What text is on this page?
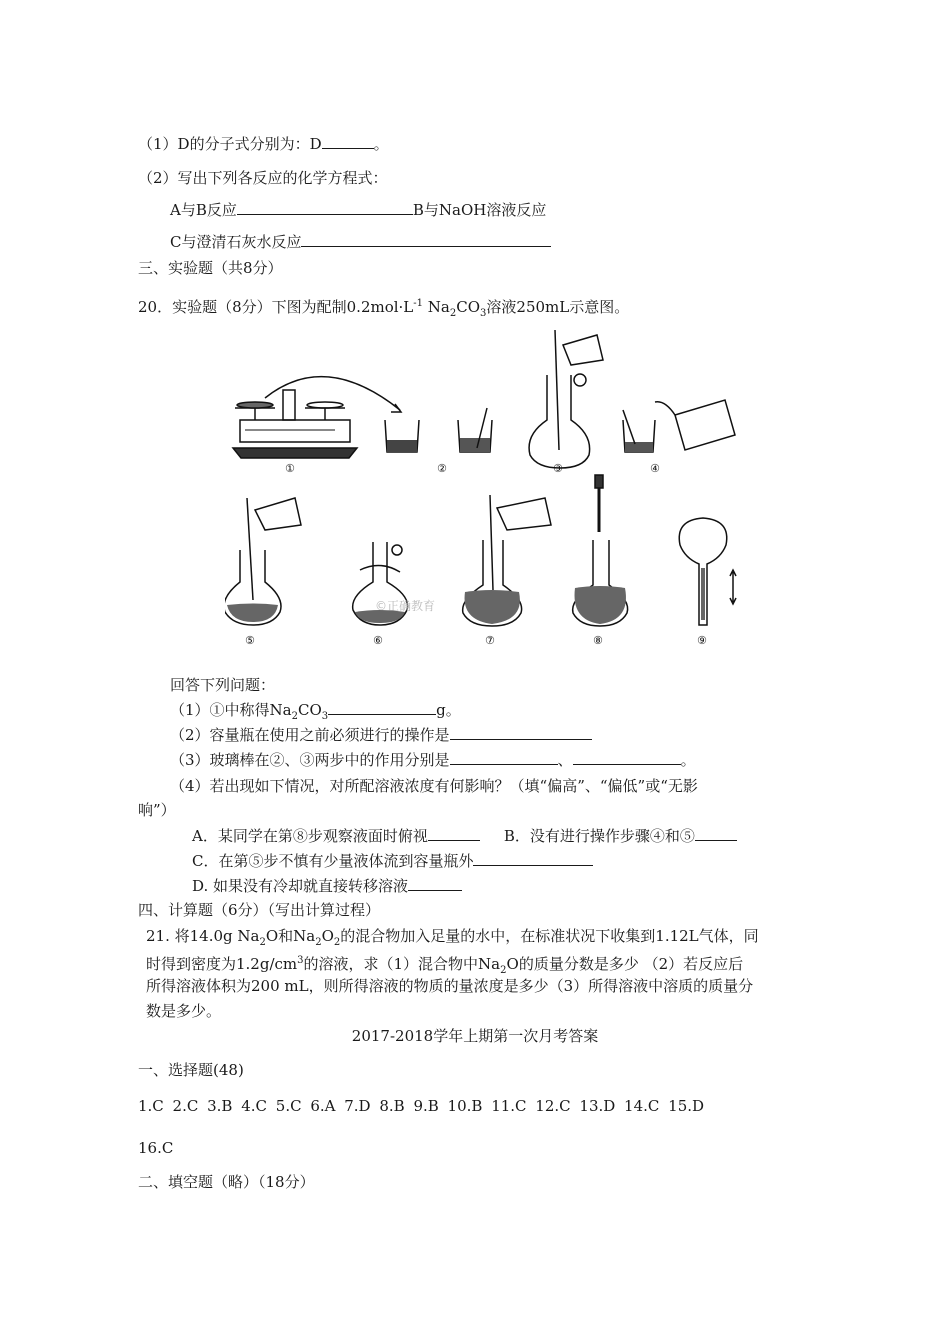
（1）D的分子式分别为：D	。
（2）写出下列各反应的化学方程式：
A与B反应	B与NaOH溶液反应
C与澄清石灰水反应
三、实验题（共8分）
20．实验题（8分）下图为配制$0.2mol\cdot L^{-1}$ $Na_2CO_3$溶液250mL示意图。
①	②	③	④
⑤	⑥	⑦	⑧	⑨
©正确教育
回答下列问题：
（1）①中称得$Na_2CO_3$	g。
（2）容量瓶在使用之前必须进行的操作是
（3）玻璃棒在②、③两步中的作用分别是	、	。
（4）若出现如下情况，对所配溶液浓度有何影响？（填“偏高”、“偏低”或“无影
响”）
A．某同学在第⑧步观察液面时俯视	B．没有进行操作步骤④和⑤
C．在第⑤步不慎有少量液体流到容量瓶外
D. 如果没有冷却就直接转移溶液
四、计算题（6分）（写出计算过程）
21. 将14.0g $Na_2O$和$Na_2O_2$的混合物加入足量的水中，在标准状况下收集到1.12L气体，同
时得到密度为$1.2g/cm^3$的溶液，求（1）混合物中$Na_2O$的质量分数是多少 （2）若反应后
所得溶液体积为200 mL，则所得溶液的物质的量浓度是多少（3）所得溶液中溶质的质量分
数是多少。
2017-2018学年上期第一次月考答案
一、选择题(48)
1.C 2.C 3.B 4.C 5.C 6.A 7.D 8.B 9.B 10.B 11.C 12.C 13.D 14.C 15.D
16.C
二、填空题（略）（18分）
